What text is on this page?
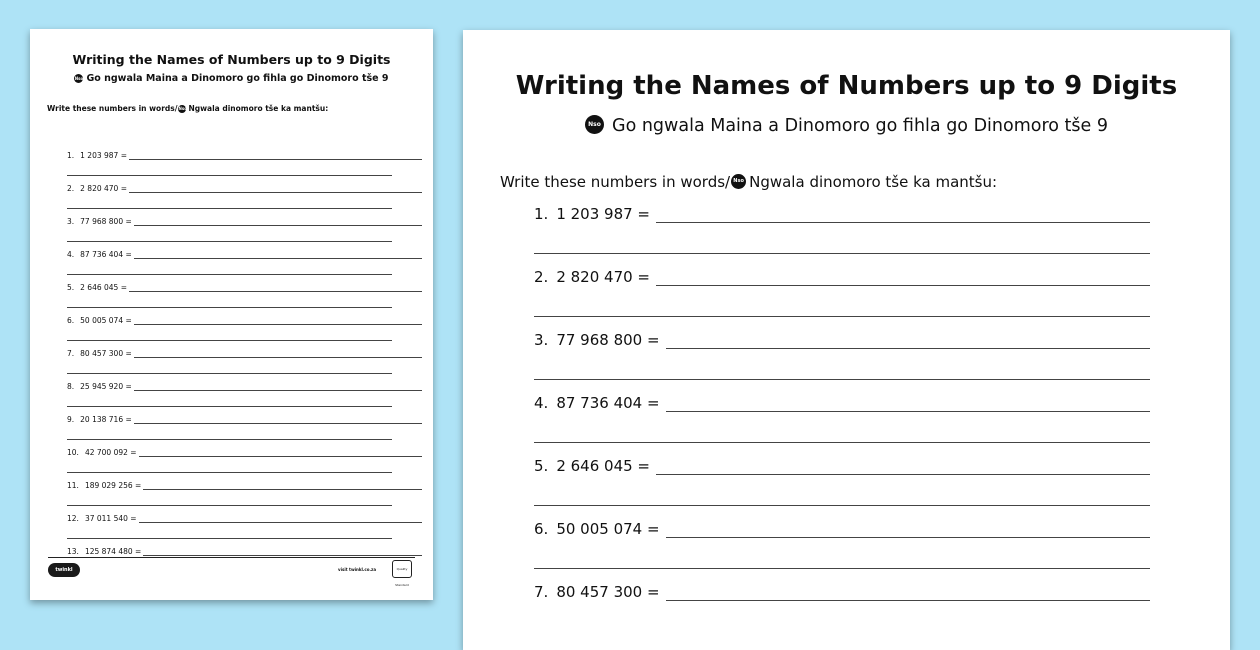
Writing the Names of Numbers up to 9 Digits
Nso Go ngwala Maina a Dinomoro go fihla go Dinomoro tše 9
Write these numbers in words/Nso Ngwala dinomoro tše ka mantšu:
1. 1 203 987 =
2. 2 820 470 =
3. 77 968 800 =
4. 87 736 404 =
5. 2 646 045 =
6. 50 005 074 =
7. 80 457 300 =
8. 25 945 920 =
9. 20 138 716 =
10. 42 700 092 =
11. 189 029 256 =
12. 37 011 540 =
13. 125 874 480 =
twinkl	visit twinkl.co.za	Quality Standard
Writing the Names of Numbers up to 9 Digits
Nso Go ngwala Maina a Dinomoro go fihla go Dinomoro tše 9
Write these numbers in words/ Nso Ngwala dinomoro tše ka mantšu:
1. 1 203 987 =
2. 2 820 470 =
3. 77 968 800 =
4. 87 736 404 =
5. 2 646 045 =
6. 50 005 074 =
7. 80 457 300 =
